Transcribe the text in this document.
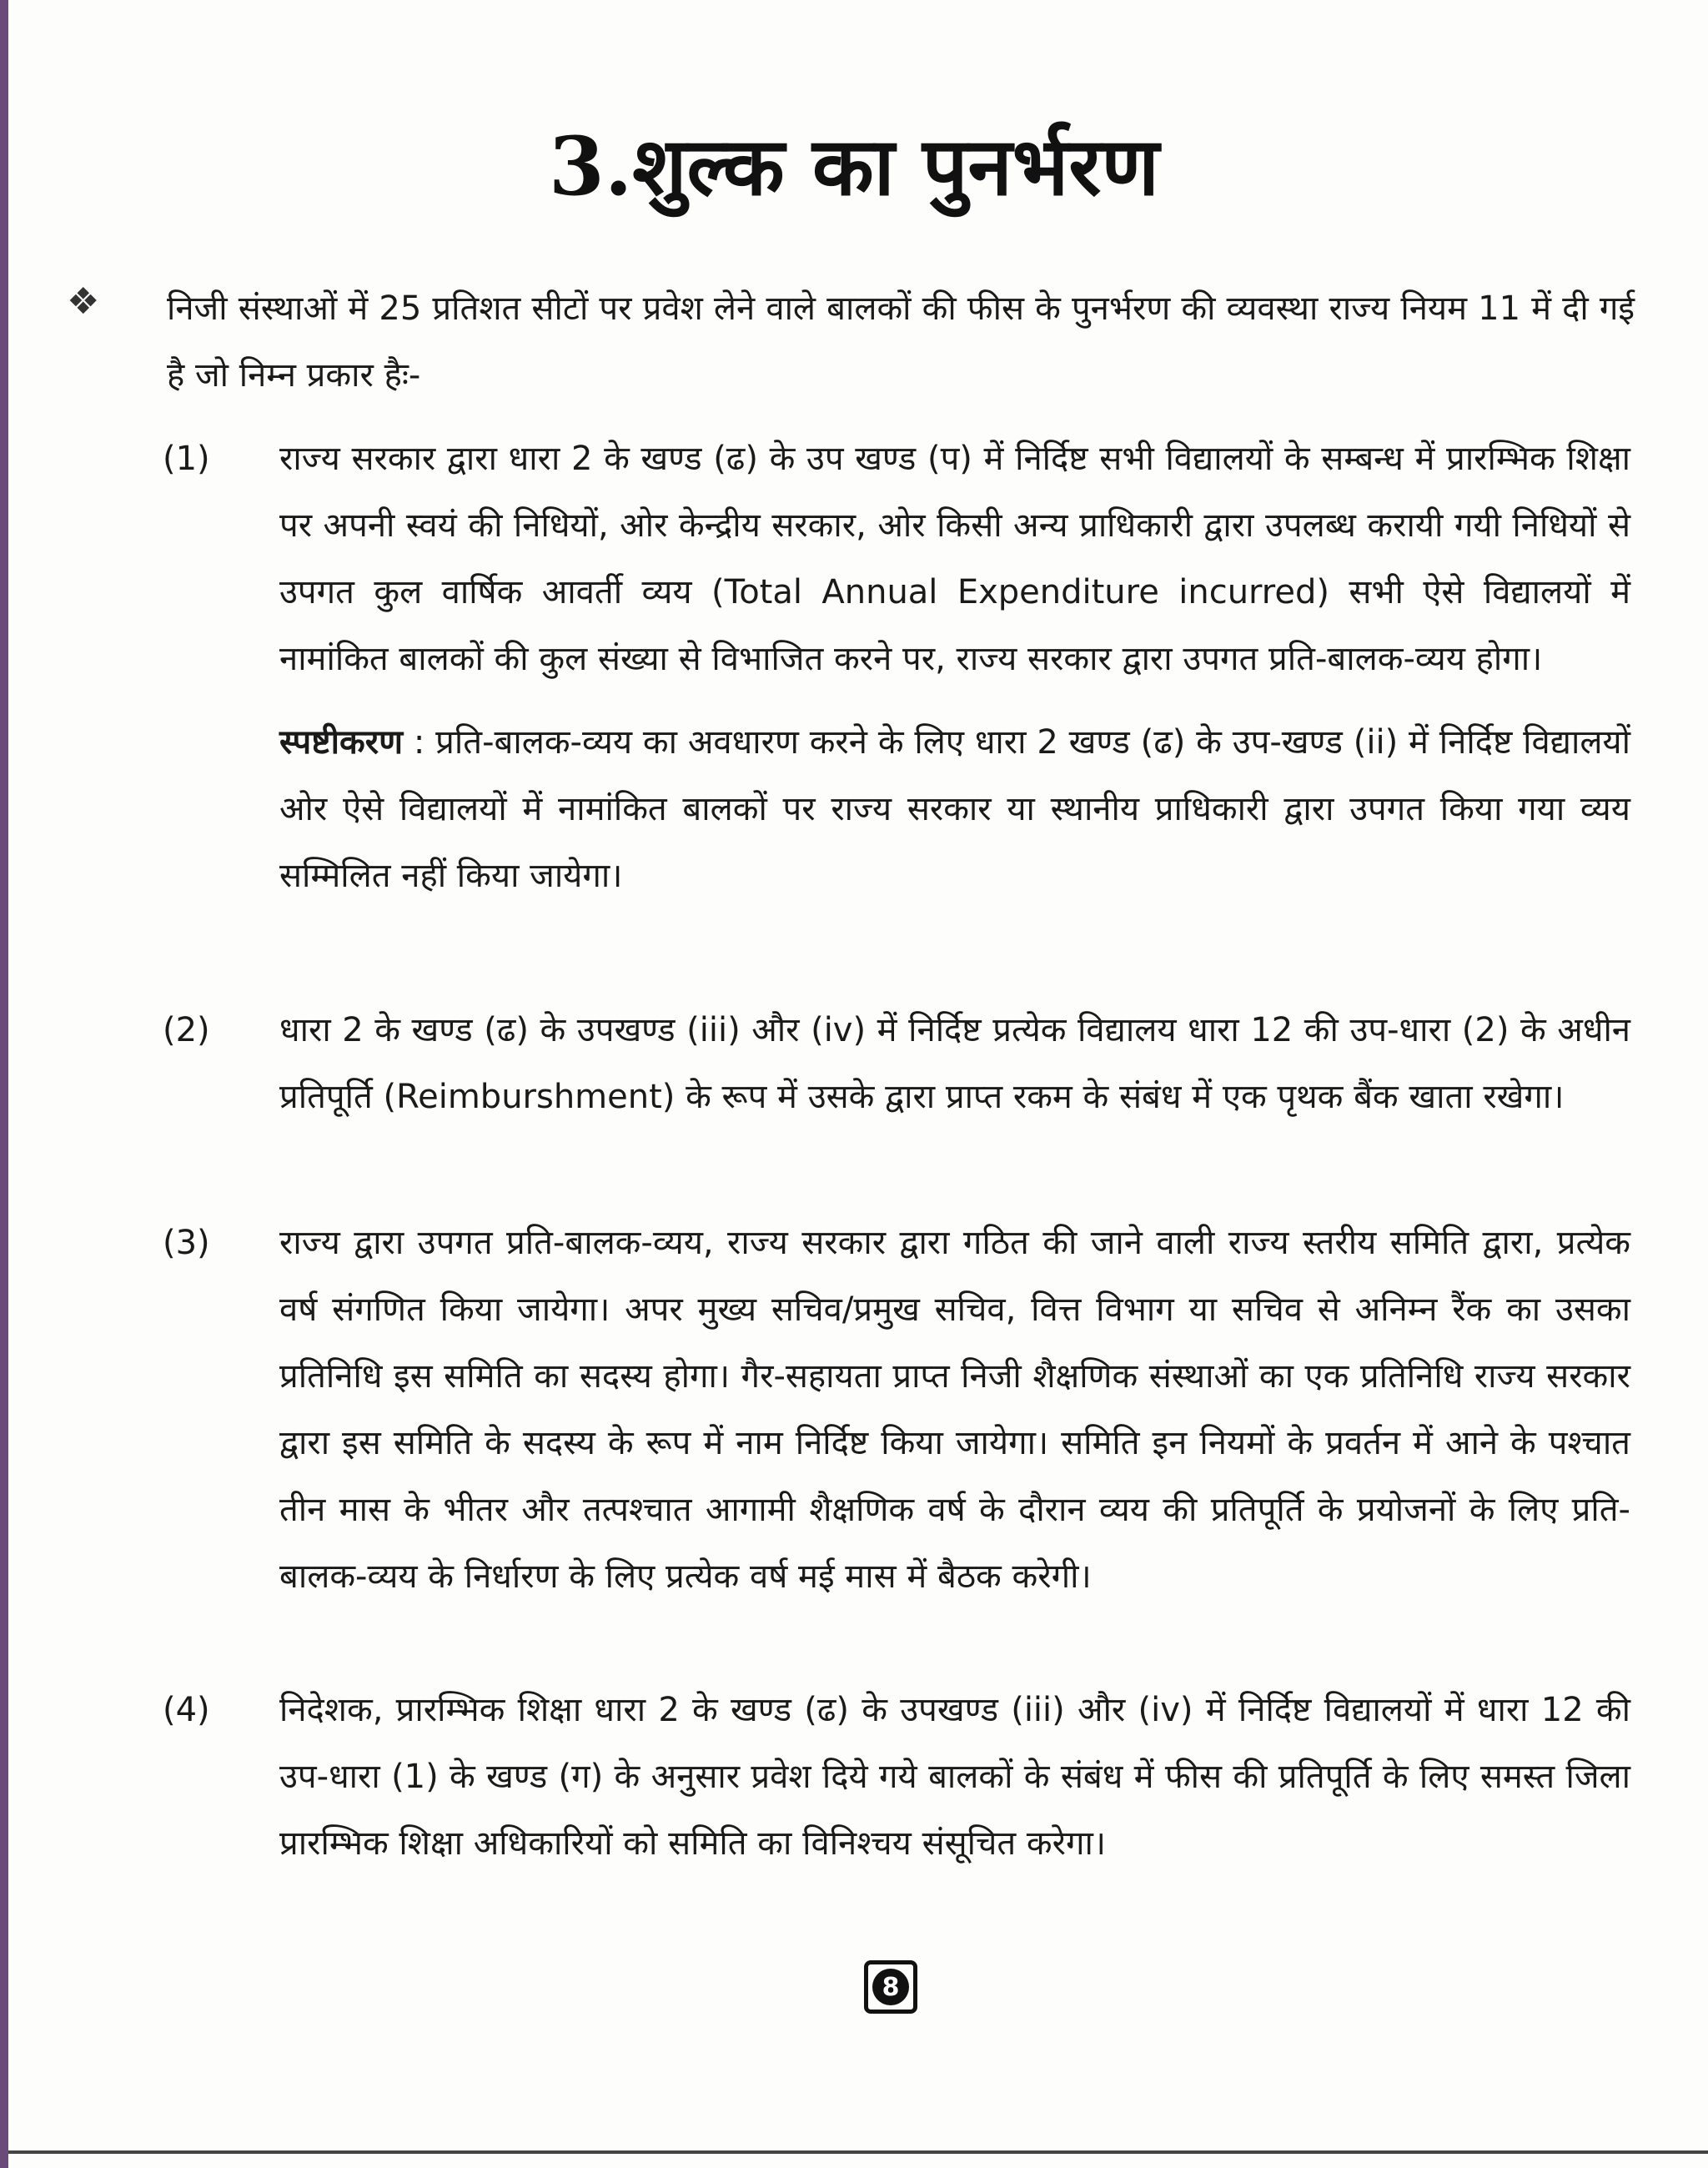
3.शुल्क का पुनर्भरण
❖ निजी संस्थाओं में 25 प्रतिशत सीटों पर प्रवेश लेने वाले बालकों की फीस के पुनर्भरण की व्यवस्था राज्य नियम 11 में दी गई है जो निम्न प्रकार हैः-
(1) राज्य सरकार द्वारा धारा 2 के खण्ड (ढ) के उप खण्ड (प) में निर्दिष्ट सभी विद्यालयों के सम्बन्ध में प्रारम्भिक शिक्षा पर अपनी स्वयं की निधियों, ओर केन्द्रीय सरकार, ओर किसी अन्य प्राधिकारी द्वारा उपलब्ध करायी गयी निधियों से उपगत कुल वार्षिक आवर्ती व्यय (Total Annual Expenditure incurred) सभी ऐसे विद्यालयों में नामांकित बालकों की कुल संख्या से विभाजित करने पर, राज्य सरकार द्वारा उपगत प्रति-बालक-व्यय होगा।
स्पष्टीकरण : प्रति-बालक-व्यय का अवधारण करने के लिए धारा 2 खण्ड (ढ) के उप-खण्ड (ii) में निर्दिष्ट विद्यालयों ओर ऐसे विद्यालयों में नामांकित बालकों पर राज्य सरकार या स्थानीय प्राधिकारी द्वारा उपगत किया गया व्यय सम्मिलित नहीं किया जायेगा।
(2) धारा 2 के खण्ड (ढ) के उपखण्ड (iii) और (iv) में निर्दिष्ट प्रत्येक विद्यालय धारा 12 की उप-धारा (2) के अधीन प्रतिपूर्ति (Reimburshment) के रूप में उसके द्वारा प्राप्त रकम के संबंध में एक पृथक बैंक खाता रखेगा।
(3) राज्य द्वारा उपगत प्रति-बालक-व्यय, राज्य सरकार द्वारा गठित की जाने वाली राज्य स्तरीय समिति द्वारा, प्रत्येक वर्ष संगणित किया जायेगा। अपर मुख्य सचिव/प्रमुख सचिव, वित्त विभाग या सचिव से अनिम्न रैंक का उसका प्रतिनिधि इस समिति का सदस्य होगा। गैर-सहायता प्राप्त निजी शैक्षणिक संस्थाओं का एक प्रतिनिधि राज्य सरकार द्वारा इस समिति के सदस्य के रूप में नाम निर्दिष्ट किया जायेगा। समिति इन नियमों के प्रवर्तन में आने के पश्चात तीन मास के भीतर और तत्पश्चात आगामी शैक्षणिक वर्ष के दौरान व्यय की प्रतिपूर्ति के प्रयोजनों के लिए प्रति-बालक-व्यय के निर्धारण के लिए प्रत्येक वर्ष मई मास में बैठक करेगी।
(4) निदेशक, प्रारम्भिक शिक्षा धारा 2 के खण्ड (ढ) के उपखण्ड (iii) और (iv) में निर्दिष्ट विद्यालयों में धारा 12 की उप-धारा (1) के खण्ड (ग) के अनुसार प्रवेश दिये गये बालकों के संबंध में फीस की प्रतिपूर्ति के लिए समस्त जिला प्रारम्भिक शिक्षा अधिकारियों को समिति का विनिश्चय संसूचित करेगा।
8
